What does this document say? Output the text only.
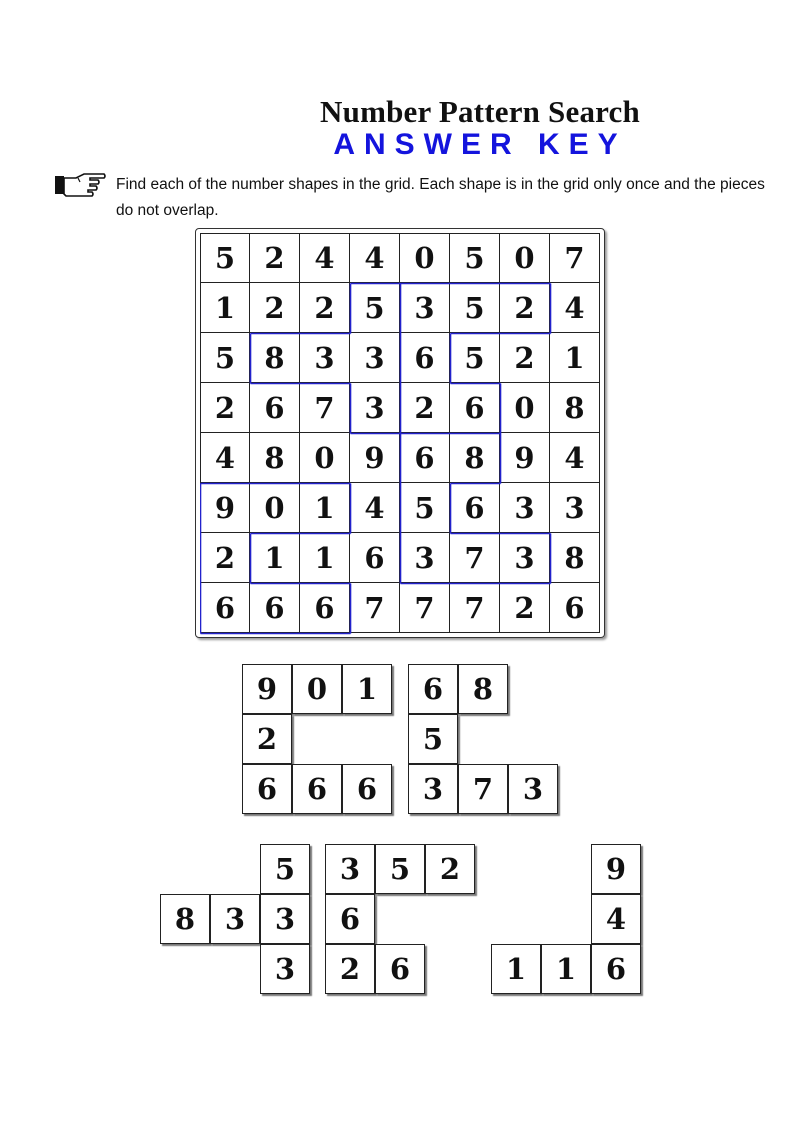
Number Pattern Search
ANSWER KEY
Find each of the number shapes in the grid. Each shape is in the grid only once and the pieces do not overlap.
5	2	4	4	0	5	0	7
1	2	2	5	3	5	2	4
5	8	3	3	6	5	2	1
2	6	7	3	2	6	0	8
4	8	0	9	6	8	9	4
9	0	1	4	5	6	3	3
2	1	1	6	3	7	3	8
6	6	6	7	7	7	2	6
9	0	1
2
6	6	6
6	8
5
3	7	3
5
8	3	3
3
3	5	2
6
2	6
9
4
1	1	6
